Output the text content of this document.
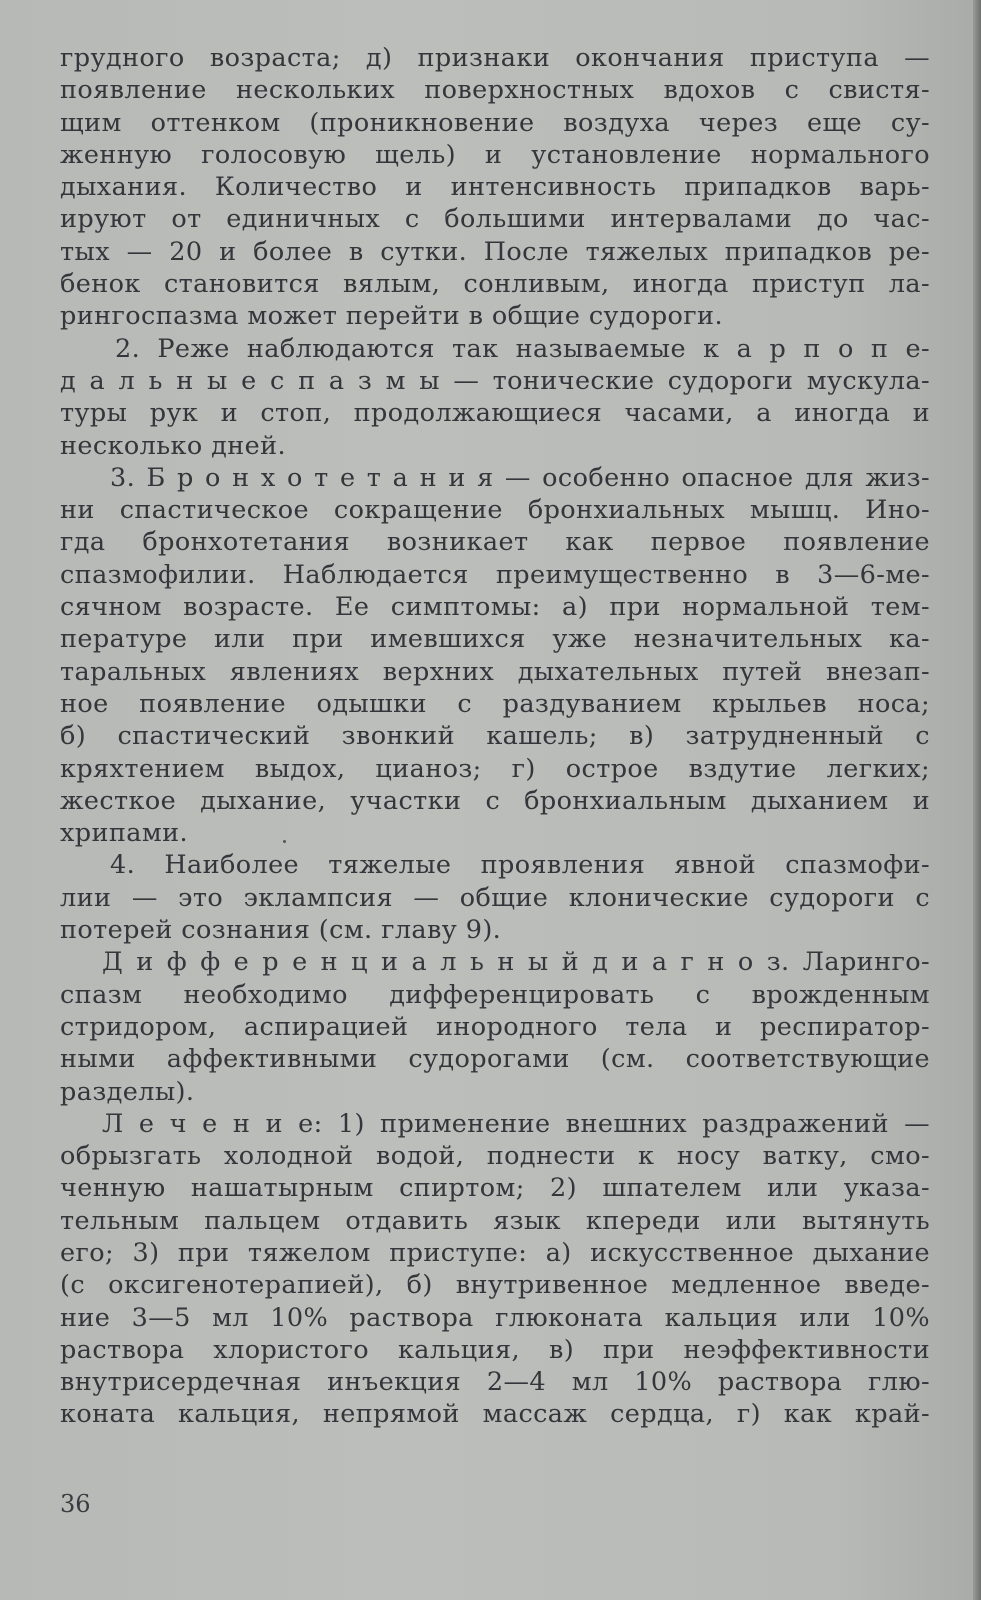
грудного возраста; д) признаки окончания приступа —
появление нескольких поверхностных вдохов с свистя-
щим оттенком (проникновение воздуха через еще су-
женную голосовую щель) и установление нормального
дыхания. Количество и интенсивность припадков варь-
ируют от единичных с большими интервалами до час-
тых — 20 и более в сутки. После тяжелых припадков ре-
бенок становится вялым, сонливым, иногда приступ ла-
рингоспазма может перейти в общие судороги.
2. Реже наблюдаются так называемые к а р п о п е-
д а л ь н ы е с п а з м ы — тонические судороги мускула-
туры рук и стоп, продолжающиеся часами, а иногда и
несколько дней.
3. Б р о н х о т е т а н и я — особенно опасное для жиз-
ни спастическое сокращение бронхиальных мышц. Ино-
гда бронхотетания возникает как первое появление
спазмофилии. Наблюдается преимущественно в 3—6-ме-
сячном возрасте. Ее симптомы: а) при нормальной тем-
пературе или при имевшихся уже незначительных ка-
таральных явлениях верхних дыхательных путей внезап-
ное появление одышки с раздуванием крыльев носа;
б) спастический звонкий кашель; в) затрудненный с
кряхтением выдох, цианоз; г) острое вздутие легких;
жесткое дыхание, участки с бронхиальным дыханием и
хрипами.
4. Наиболее тяжелые проявления явной спазмофи-
лии — это эклампсия — общие клонические судороги с
потерей сознания (см. главу 9).
Д и ф ф е р е н ц и а л ь н ы й д и а г н о з. Ларинго-
спазм необходимо дифференцировать с врожденным
стридором, аспирацией инородного тела и респиратор-
ными аффективными судорогами (см. соответствующие
разделы).
Л е ч е н и е: 1) применение внешних раздражений —
обрызгать холодной водой, поднести к носу ватку, смо-
ченную нашатырным спиртом; 2) шпателем или указа-
тельным пальцем отдавить язык кпереди или вытянуть
его; 3) при тяжелом приступе: а) искусственное дыхание
(с оксигенотерапией), б) внутривенное медленное введе-
ние 3—5 мл 10% раствора глюконата кальция или 10%
раствора хлористого кальция, в) при неэффективности
внутрисердечная инъекция 2—4 мл 10% раствора глю-
коната кальция, непрямой массаж сердца, г) как край-
36
